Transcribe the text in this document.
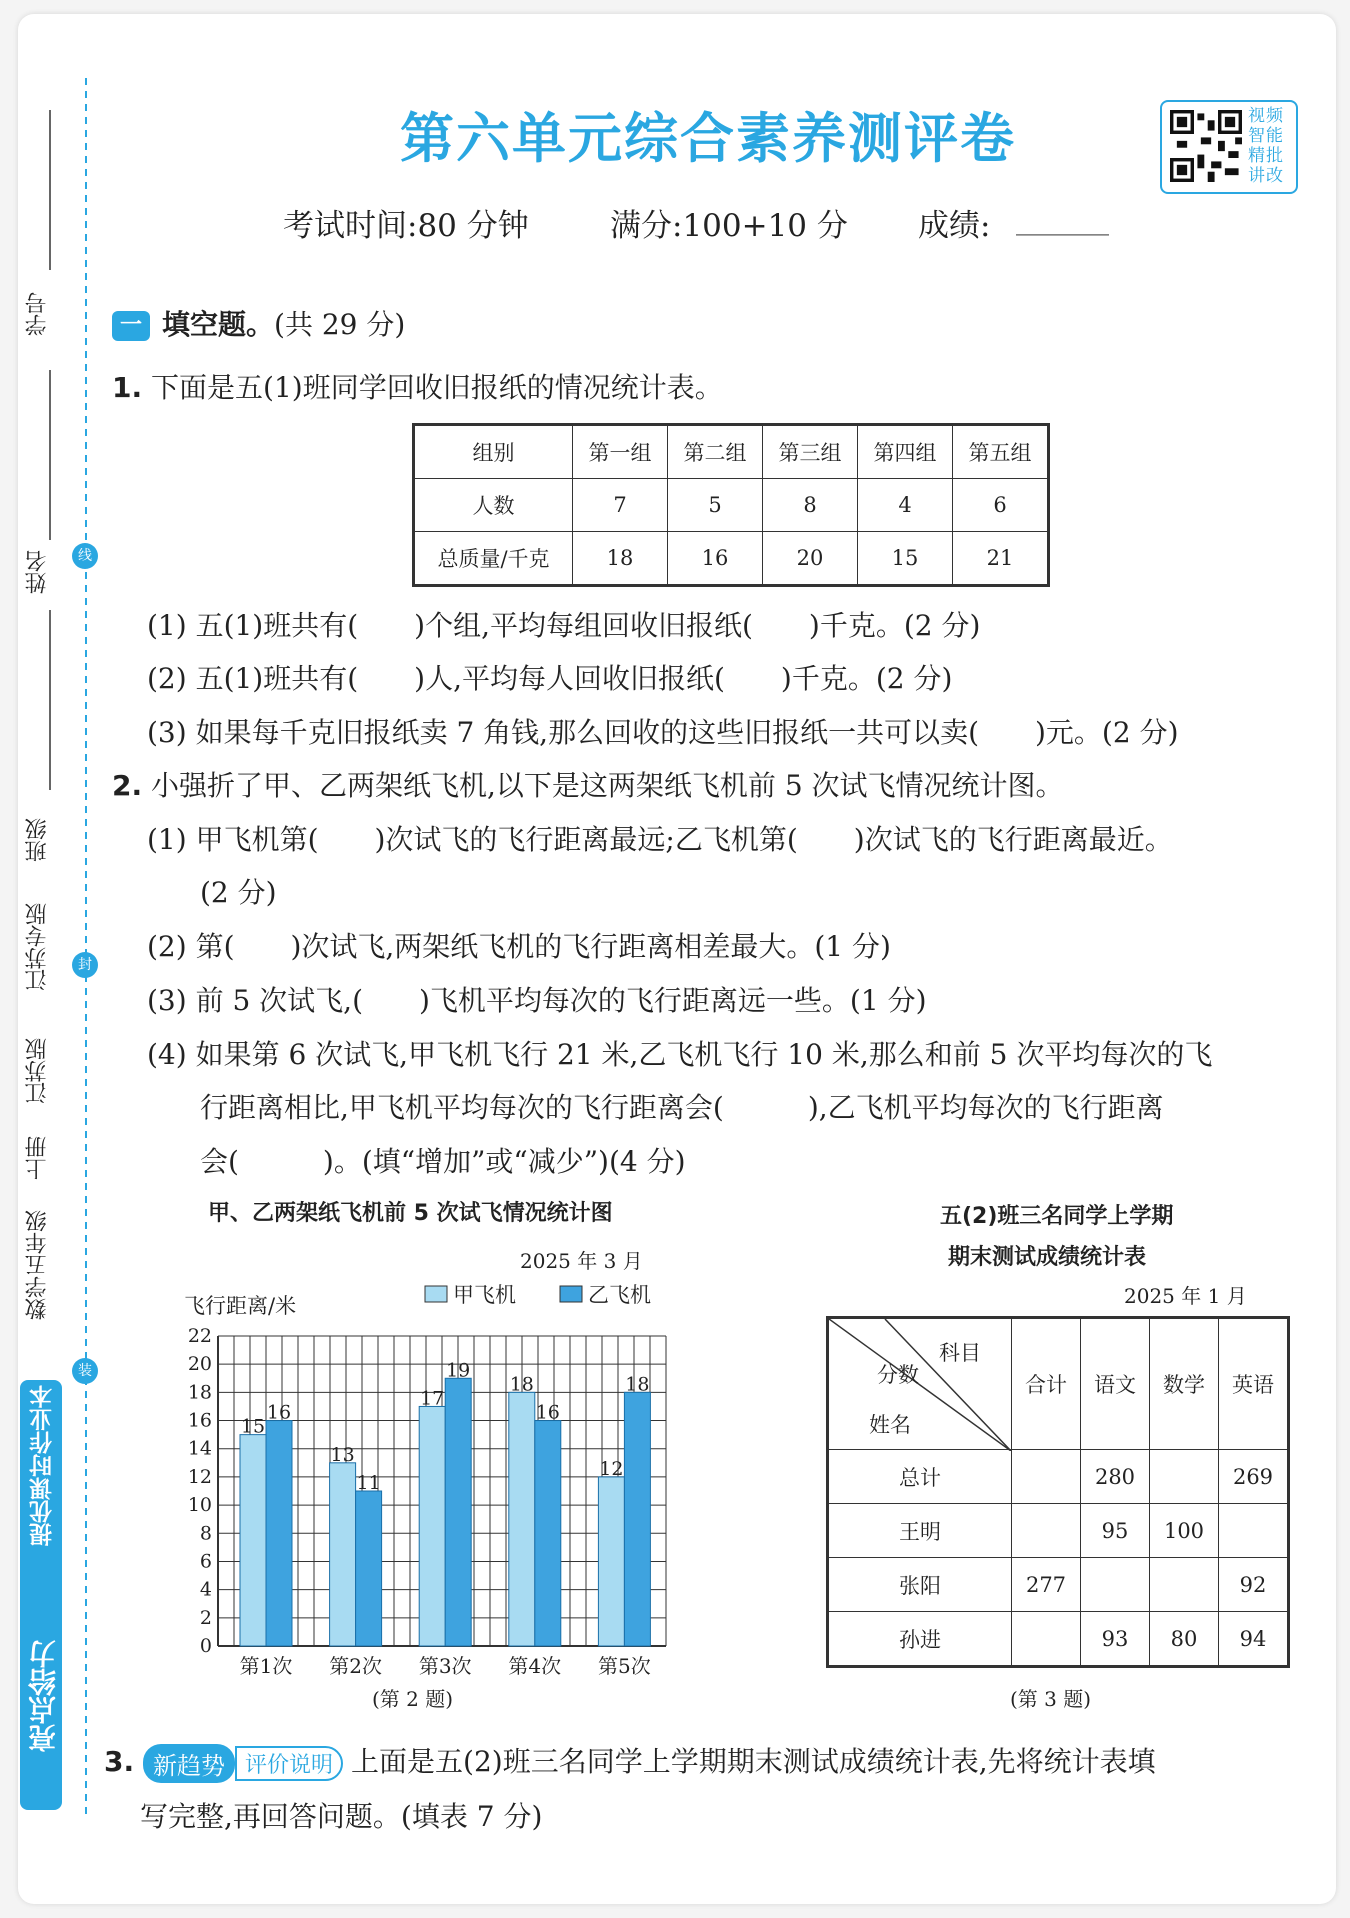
学号
姓名
班级
江苏专版
江苏版
上册
数学五年级
提优课时作业本
亮点给力
线
封
装
第六单元综合素养测评卷	视频智能精批讲改
考试时间:80 分钟	满分:100+10 分 成绩: ______
一 填空题。(共 29 分)
1. 下面是五(1)班同学回收旧报纸的情况统计表。
组别	第一组	第二组	第三组	第四组	第五组
人数	7	5	8	4	6
总质量/千克	18	16	20	15	21
(1) 五(1)班共有(　　)个组,平均每组回收旧报纸(　　)千克。(2 分)
(2) 五(1)班共有(　　)人,平均每人回收旧报纸(　　)千克。(2 分)
(3) 如果每千克旧报纸卖 7 角钱,那么回收的这些旧报纸一共可以卖(　　)元。(2 分)
2. 小强折了甲、乙两架纸飞机,以下是这两架纸飞机前 5 次试飞情况统计图。
(1) 甲飞机第(　　)次试飞的飞行距离最远;乙飞机第(　　)次试飞的飞行距离最近。
(2 分)
(2) 第(　　)次试飞,两架纸飞机的飞行距离相差最大。(1 分)
(3) 前 5 次试飞,(　　)飞机平均每次的飞行距离远一些。(1 分)
(4) 如果第 6 次试飞,甲飞机飞行 21 米,乙飞机飞行 10 米,那么和前 5 次平均每次的飞
行距离相比,甲飞机平均每次的飞行距离会(　　　),乙飞机平均每次的飞行距离
会(　　　)。(填“增加”或“减少”)(4 分)
甲、乙两架纸飞机前 5 次试飞情况统计图
2025 年 3 月
飞行距离/米
0
2
4
6
8
10
12
14
16
18
20
22
甲飞机	乙飞机
15
16
第1次
13
11
第2次
17
19
第3次
18
16
第4次
12
18
第5次
(第 2 题)
五(2)班三名同学上学期
期末测试成绩统计表
2025 年 1 月
科目
分数
姓名	合计	语文	数学	英语
总计		280		269
王明		95	100	
张阳	277			92
孙进		93	80	94
(第 3 题)
3. 新趋势 评价说明 上面是五(2)班三名同学上学期期末测试成绩统计表,先将统计表填
写完整,再回答问题。(填表 7 分)
